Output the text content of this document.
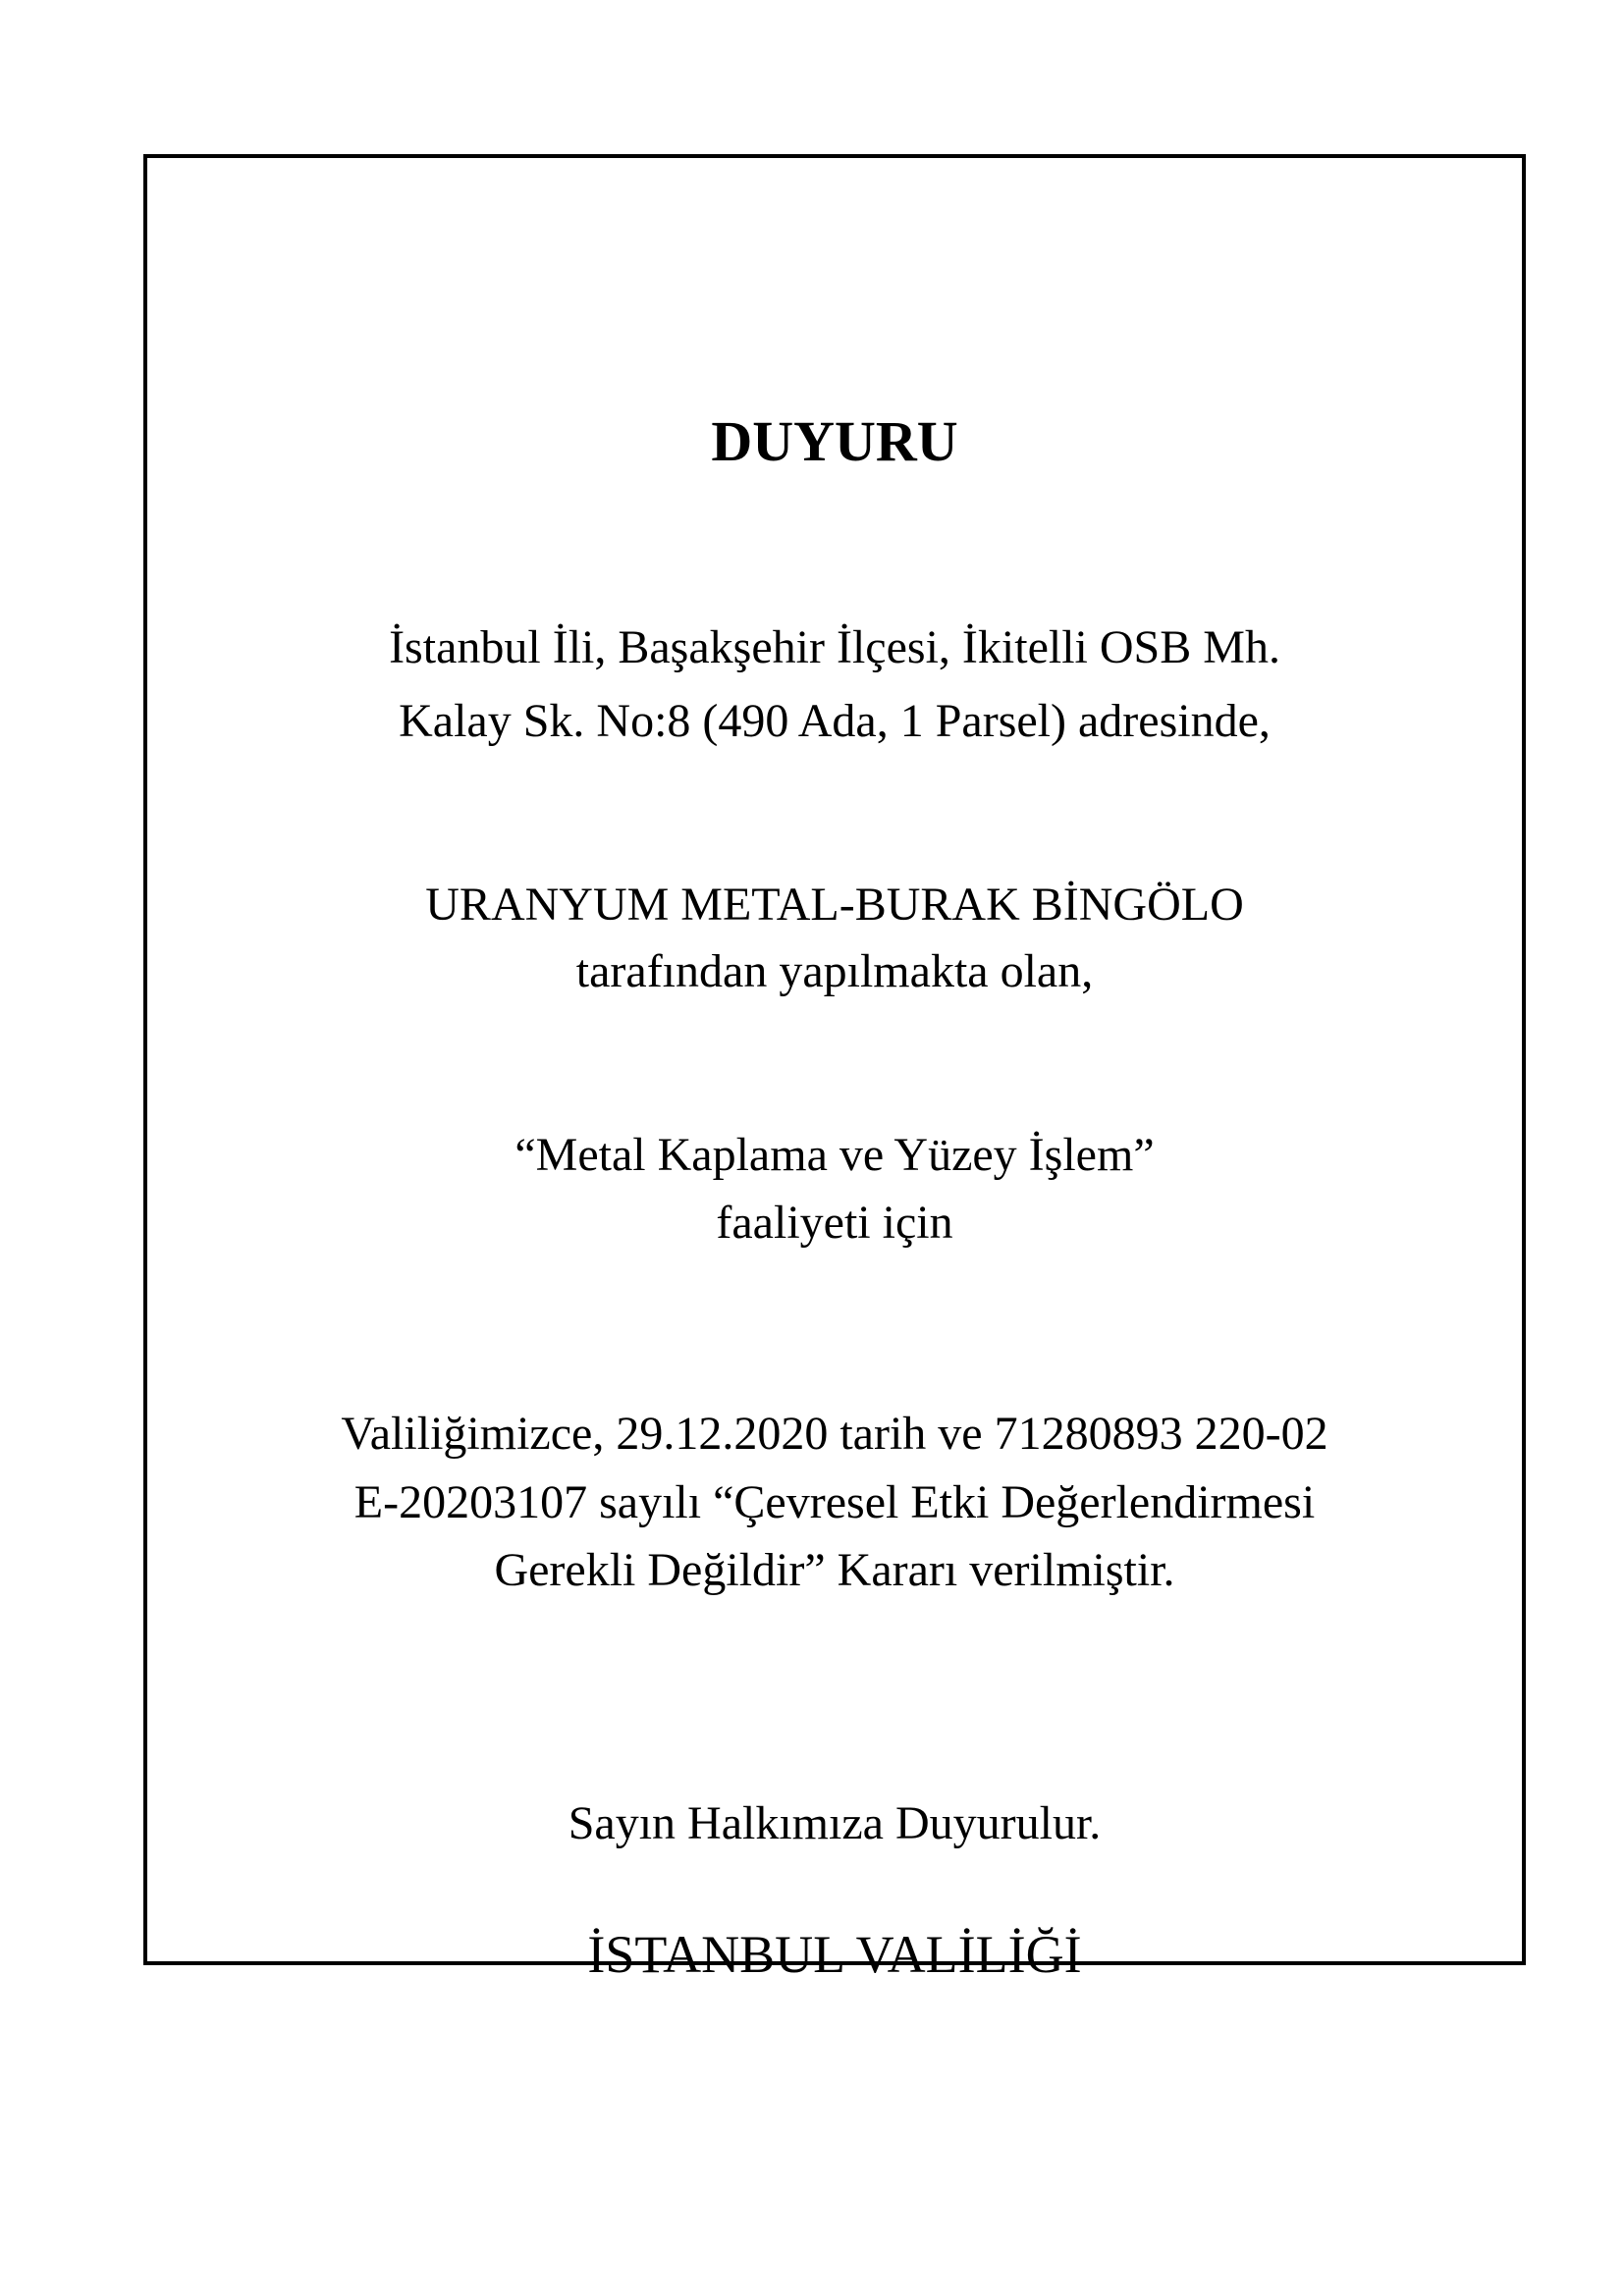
DUYURU
İstanbul İli, Başakşehir İlçesi, İkitelli OSB Mh.
Kalay Sk. No:8 (490 Ada, 1 Parsel) adresinde,
URANYUM METAL-BURAK BİNGÖLO
tarafından yapılmakta olan,
“Metal Kaplama ve Yüzey İşlem”
faaliyeti için
Valiliğimizce, 29.12.2020 tarih ve 71280893 220-02
E-20203107 sayılı “Çevresel Etki Değerlendirmesi
Gerekli Değildir” Kararı verilmiştir.
Sayın Halkımıza Duyurulur.
İSTANBUL VALİLİĞİ
